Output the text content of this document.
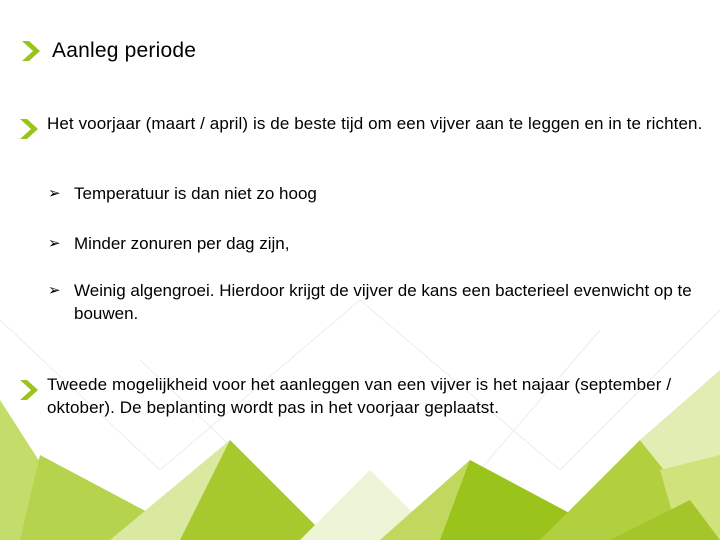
Aanleg periode
Het voorjaar (maart / april) is de beste tijd om een vijver aan te leggen en in te richten.
➢ Temperatuur is dan niet zo hoog
➢ Minder zonuren per dag zijn,
➢ Weinig algengroei. Hierdoor krijgt de vijver de kans een bacterieel evenwicht op te bouwen.
Tweede mogelijkheid voor het aanleggen van een vijver is het najaar (september / oktober). De beplanting wordt pas in het voorjaar geplaatst.
